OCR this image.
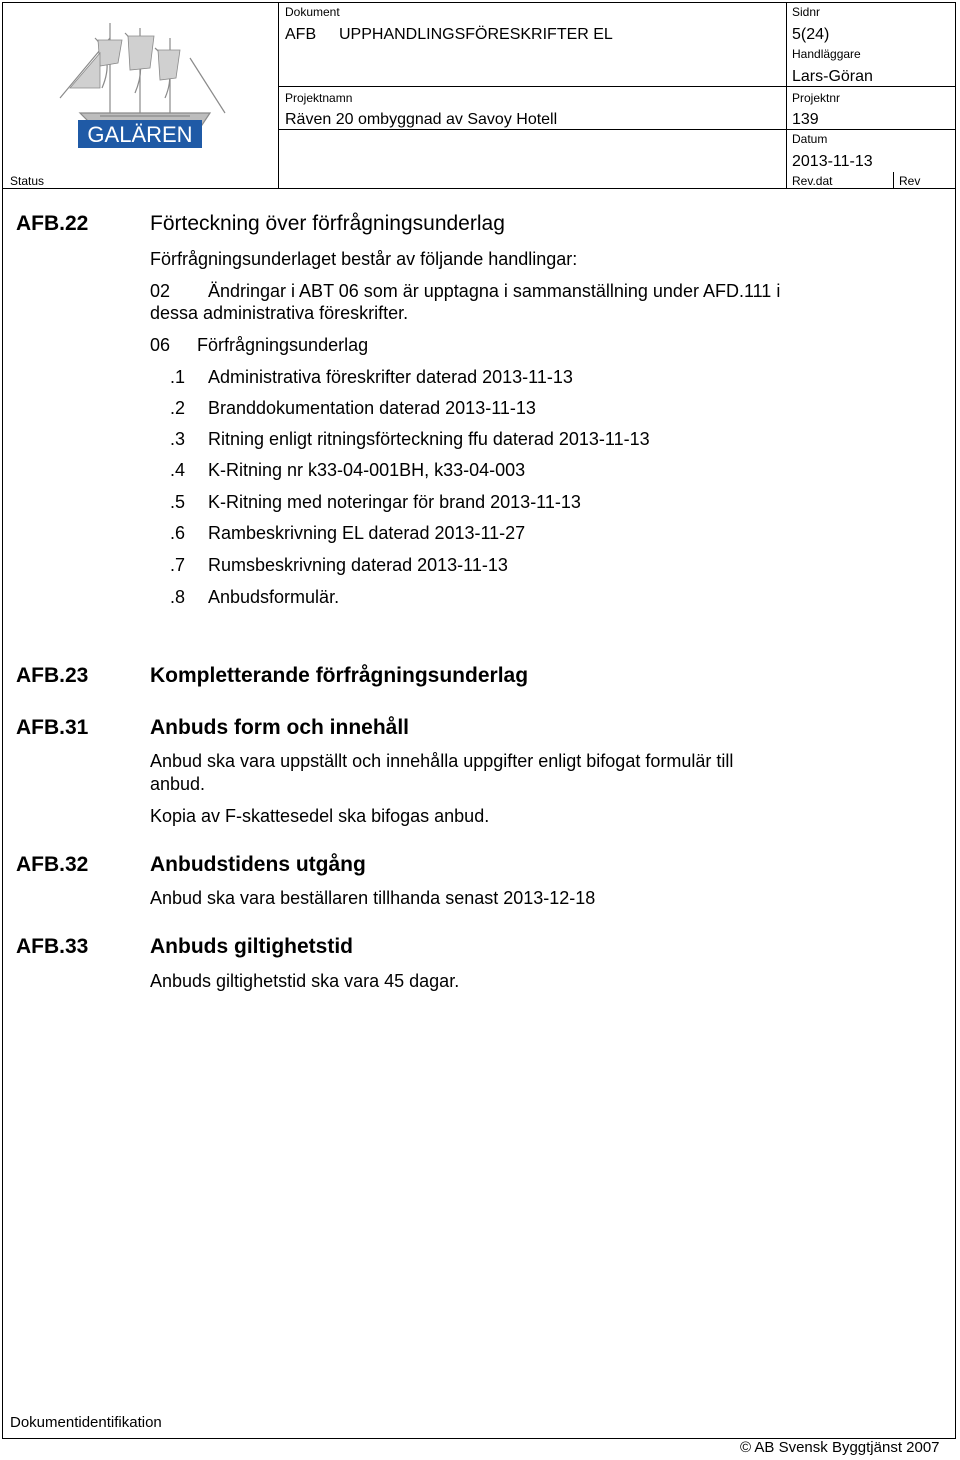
GALÄREN
Dokument
AFB UPPHANDLINGSFÖRESKRIFTER EL
Sidnr
5(24)
Handläggare
Lars-Göran
Projektnamn
Räven 20 ombyggnad av Savoy Hotell
Projektnr
139
Datum
2013-11-13
Status	Rev.dat	Rev
AFB.22	Förteckning över förfrågningsunderlag
Förfrågningsunderlaget består av följande handlingar:
02 Ändringar i ABT 06 som är upptagna i sammanställning under AFD.111 i
dessa administrativa föreskrifter.
06 Förfrågningsunderlag
.1 Administrativa föreskrifter daterad 2013-11-13
.2 Branddokumentation daterad 2013-11-13
.3 Ritning enligt ritningsförteckning ffu daterad 2013-11-13
.4 K-Ritning nr k33-04-001BH, k33-04-003
.5 K-Ritning med noteringar för brand 2013-11-13
.6 Rambeskrivning EL daterad 2013-11-27
.7 Rumsbeskrivning daterad 2013-11-13
.8 Anbudsformulär.
AFB.23	Kompletterande förfrågningsunderlag
AFB.31	Anbuds form och innehåll
Anbud ska vara uppställt och innehålla uppgifter enligt bifogat formulär till
anbud.
Kopia av F-skattesedel ska bifogas anbud.
AFB.32	Anbudstidens utgång
Anbud ska vara beställaren tillhanda senast 2013-12-18
AFB.33	Anbuds giltighetstid
Anbuds giltighetstid ska vara 45 dagar.
Dokumentidentifikation
© AB Svensk Byggtjänst 2007
